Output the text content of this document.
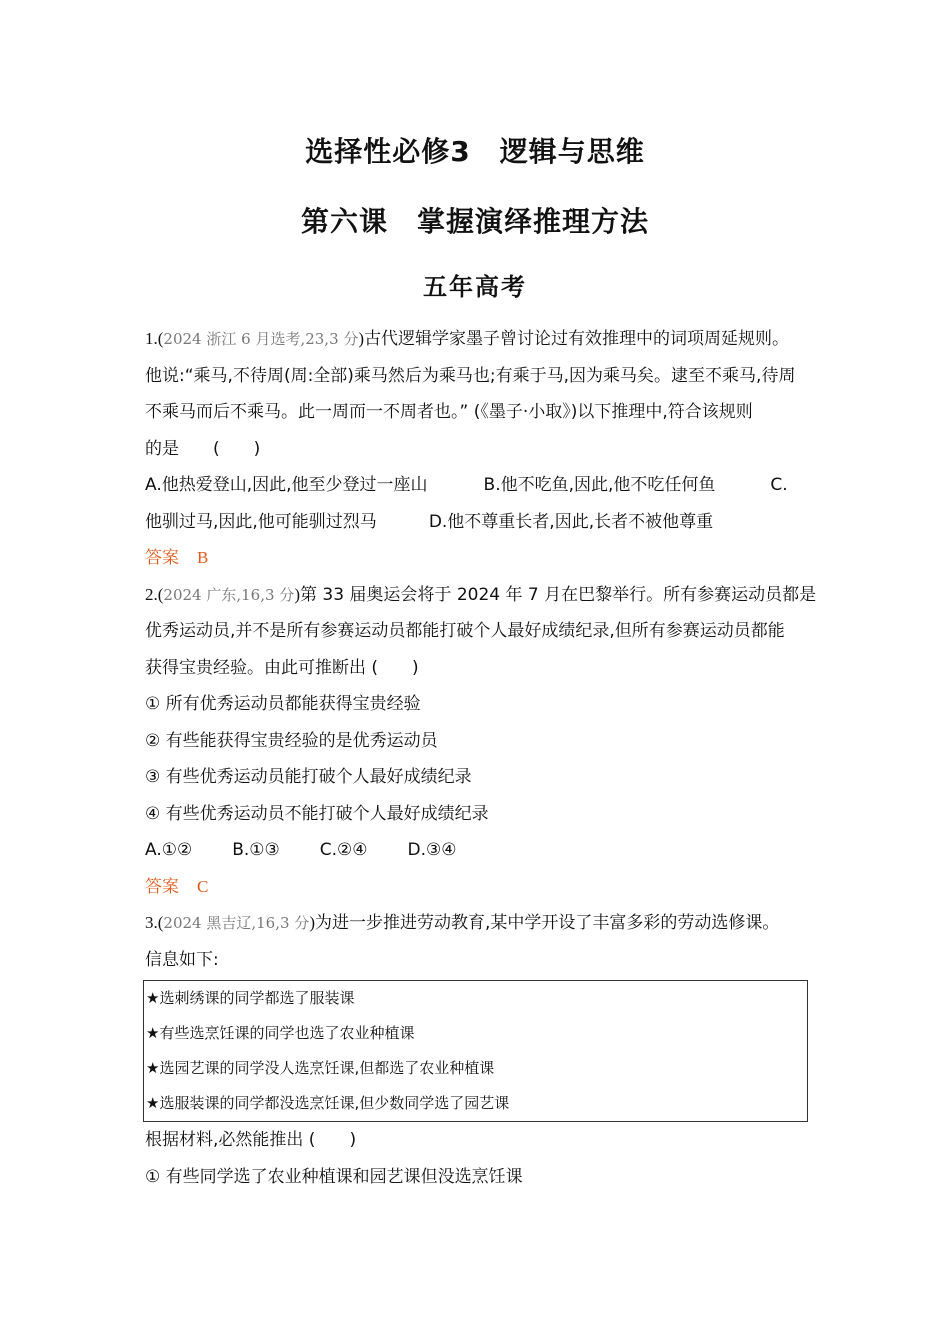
选择性必修3　逻辑与思维
第六课　掌握演绎推理方法
五年高考
1.(2024 浙江 6 月选考,23,3 分)古代逻辑学家墨子曾讨论过有效推理中的词项周延规则。
他说:“乘马,不待周(周:全部)乘马然后为乘马也;有乘于马,因为乘马矣。逮至不乘马,待周
不乘马而后不乘马。此一周而一不周者也。” (《墨子·小取》)以下推理中,符合该规则
的是　　(　　)
A.他热爱登山,因此,他至少登过一座山	B.他不吃鱼,因此,他不吃任何鱼	C.
他驯过马,因此,他可能驯过烈马	D.他不尊重长者,因此,长者不被他尊重
答案 B
2.(2024 广东,16,3 分)第 33 届奥运会将于 2024 年 7 月在巴黎举行。所有参赛运动员都是
优秀运动员,并不是所有参赛运动员都能打破个人最好成绩纪录,但所有参赛运动员都能
获得宝贵经验。由此可推断出 (　　)
① 所有优秀运动员都能获得宝贵经验
② 有些能获得宝贵经验的是优秀运动员
③ 有些优秀运动员能打破个人最好成绩纪录
④ 有些优秀运动员不能打破个人最好成绩纪录
A.①② B.①③ C.②④ D.③④
答案 C
3.(2024 黑吉辽,16,3 分)为进一步推进劳动教育,某中学开设了丰富多彩的劳动选修课。
信息如下:
★选刺绣课的同学都选了服装课
★有些选烹饪课的同学也选了农业种植课
★选园艺课的同学没人选烹饪课,但都选了农业种植课
★选服装课的同学都没选烹饪课,但少数同学选了园艺课
根据材料,必然能推出 (　　)
① 有些同学选了农业种植课和园艺课但没选烹饪课
